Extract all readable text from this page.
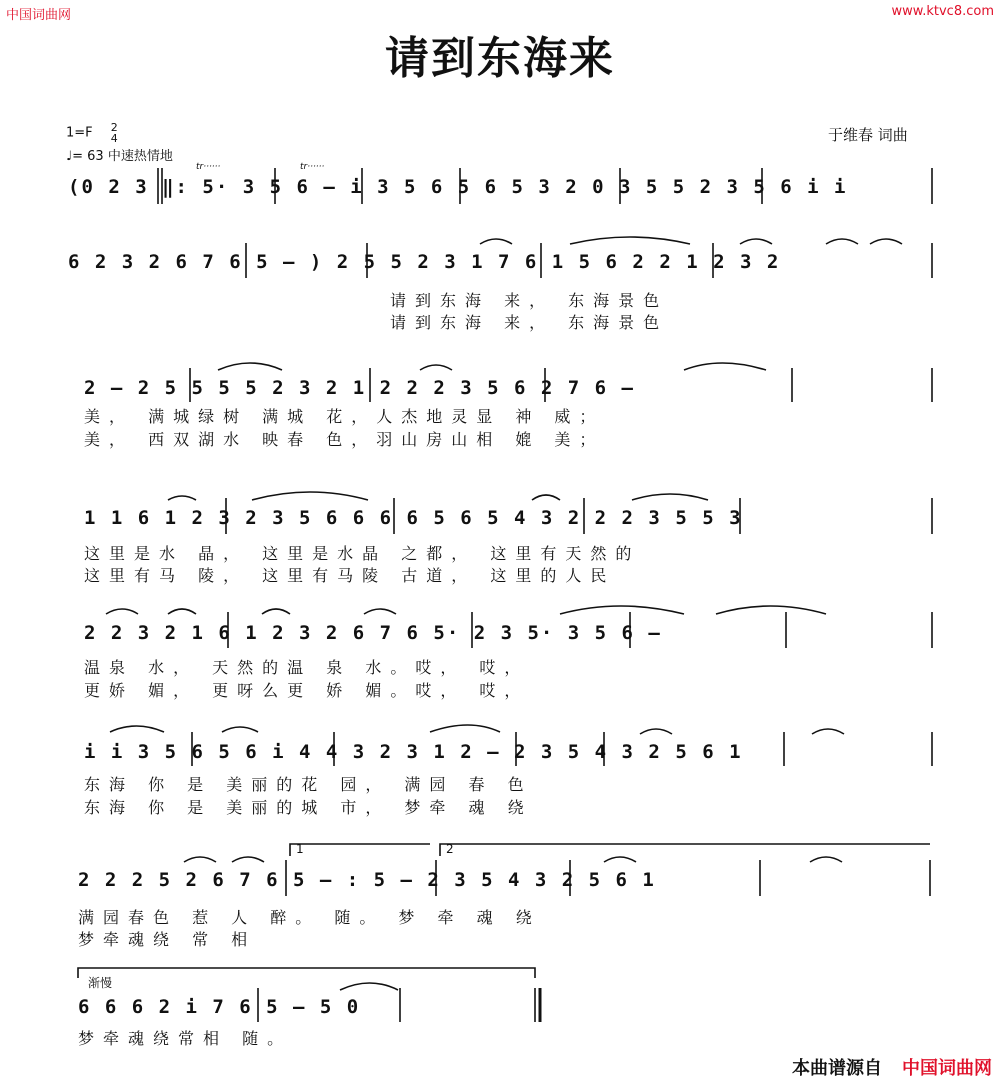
中国词曲网	www.ktvc8.com
请到东海来
1=F 2
4
♩= 63 中速热情地
于维春 词曲
tr······	tr······
(0 2 3 ‖: 5· 3 5 6 – i 3 5 6 5 6 5 3 2 0 3 5 5 2 3 5 6 i i
6 2 3 2 6 7 6 5 – ) 2 5 5 2 3 1 7 6 1 5 6 2 2 1 2 3 2
请到东海 来， 东海景色
请到东海 来， 东海景色
2 – 2 5 5 5 5 2 3 2 1 2 2 2 3 5 6 2 7 6 –
美， 满城绿树 满城 花，人杰地灵显 神 威；
美， 西双湖水 映春 色，羽山房山相 媲 美；
1 1 6 1 2 3 2 3 5 6 6 6 6 5 6 5 4 3 2 2 2 3 5 5 3
这里是水 晶， 这里是水晶 之都， 这里有天然的
这里有马 陵， 这里有马陵 古道， 这里的人民
2 2 3 2 1 6 1 2 3 2 6 7 6 5· 2 3 5· 3 5 6 –
温泉 水， 天然的温 泉 水。哎， 哎，
更娇 媚， 更呀么更 娇 媚。哎， 哎，
i i 3 5 6 5 6 i 4 4 3 2 3 1 2 – 2 3 5 4 3 2 5 6 1
东海 你 是 美丽的花 园， 满园 春 色
东海 你 是 美丽的城 市， 梦牵 魂 绕
1	2
2 2 2 5 2 6 7 6 5 – : 5 – 2 3 5 4 3 2 5 6 1
满园春色 惹 人 醉。 随。 梦 牵 魂 绕
梦牵魂绕 常 相
渐慢
6 6 6 2 i 7 6 5 – 5 0
梦牵魂绕常相 随。
本曲谱源自 中国词曲网
